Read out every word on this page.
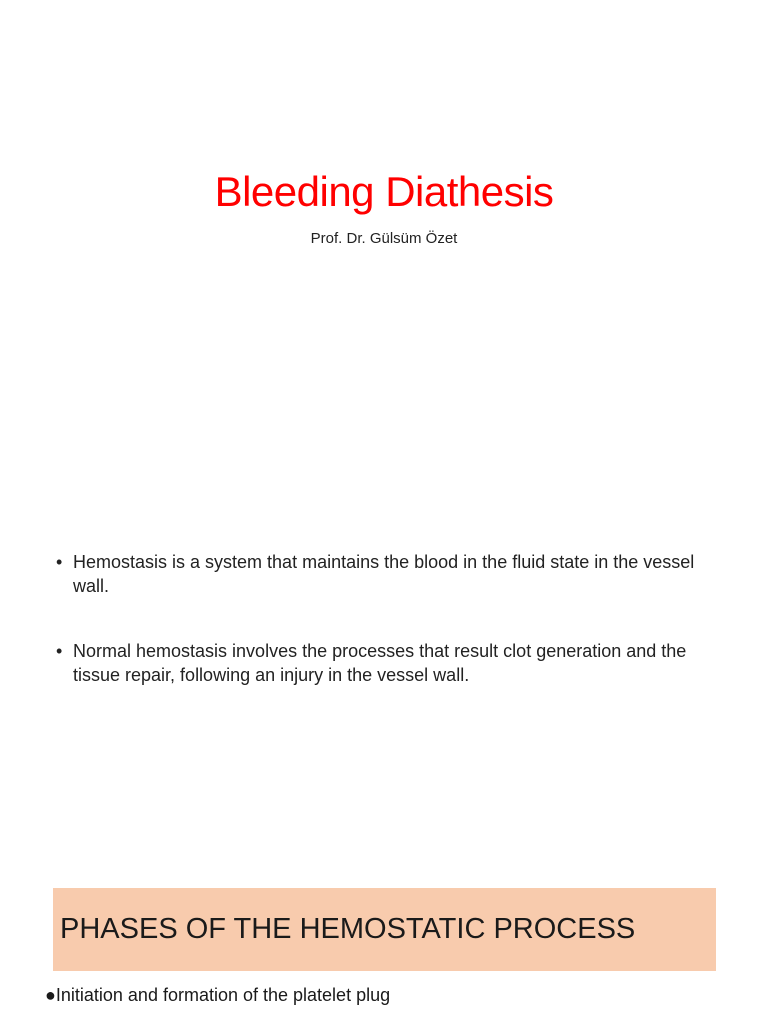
Bleeding Diathesis
Prof. Dr. Gülsüm Özet
• Hemostasis is a system that maintains the blood in the fluid state in the vessel wall.
• Normal hemostasis involves the processes that result clot generation and the tissue repair, following an injury in the vessel wall.
PHASES OF THE HEMOSTATIC PROCESS
●Initiation and formation of the platelet plug
